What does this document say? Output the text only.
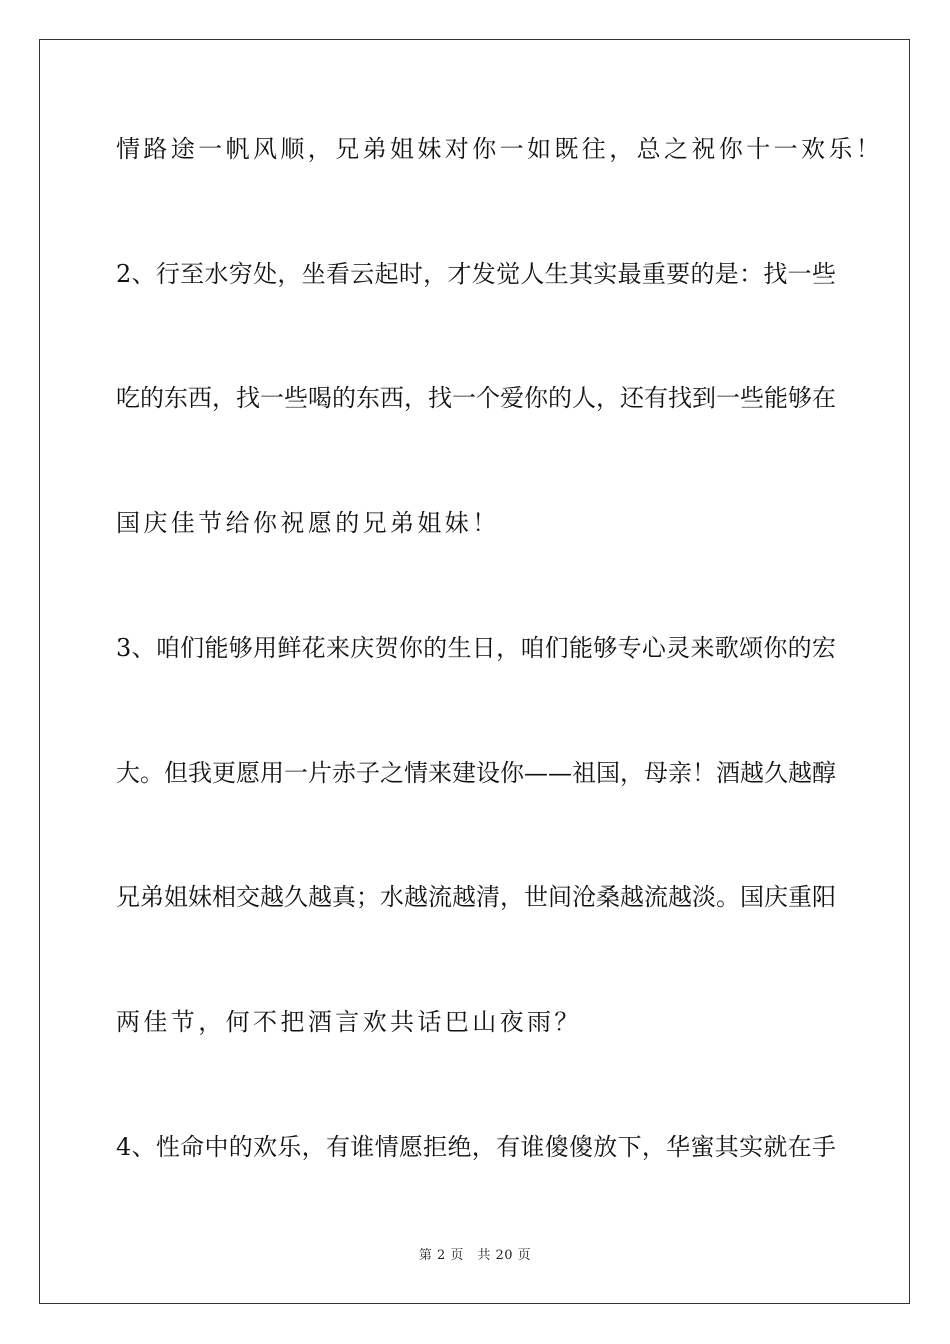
情路途一帆风顺，兄弟姐妹对你一如既往，总之祝你十一欢乐！
2、行至水穷处，坐看云起时，才发觉人生其实最重要的是：找一些
吃的东西，找一些喝的东西，找一个爱你的人，还有找到一些能够在
国庆佳节给你祝愿的兄弟姐妹！
3、咱们能够用鲜花来庆贺你的生日，咱们能够专心灵来歌颂你的宏
大。但我更愿用一片赤子之情来建设你——祖国，母亲！酒越久越醇
兄弟姐妹相交越久越真；水越流越清，世间沧桑越流越淡。国庆重阳
两佳节，何不把酒言欢共话巴山夜雨？
4、性命中的欢乐，有谁情愿拒绝，有谁傻傻放下，华蜜其实就在手
第 2 页　共 20 页
